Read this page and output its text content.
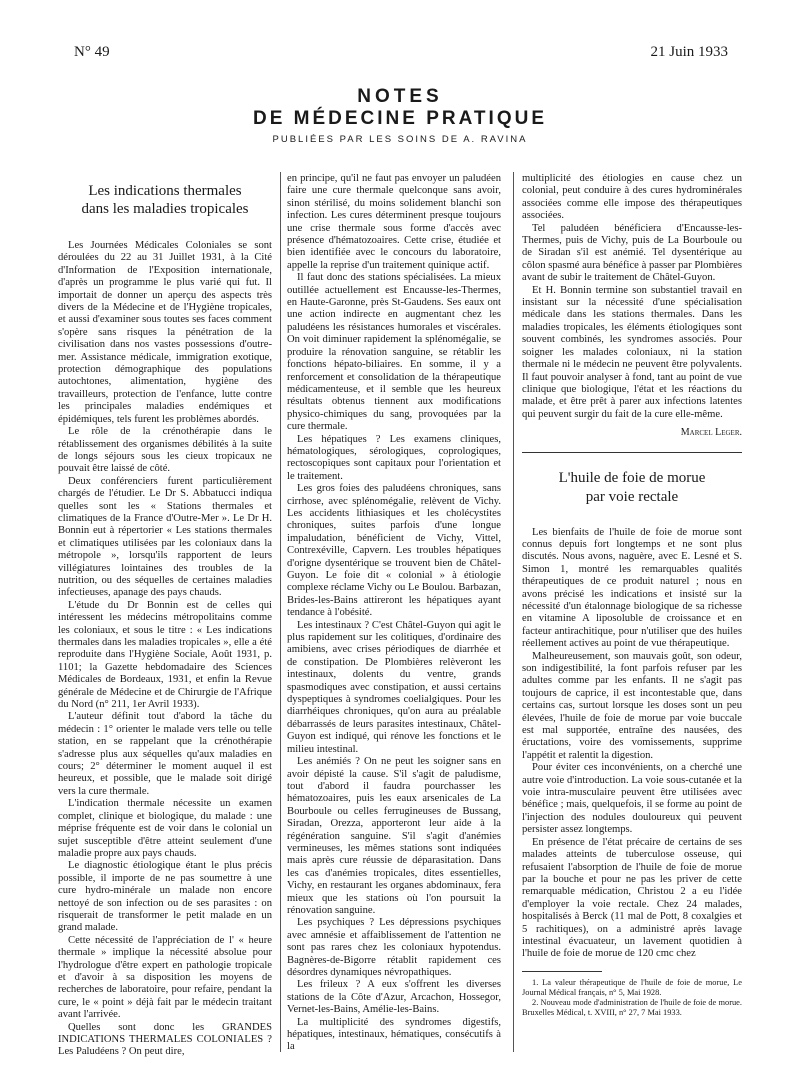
N° 49	21 Juin 1933
NOTES
DE MÉDECINE PRATIQUE
PUBLIÉES PAR LES SOINS DE A. RAVINA
Les indications thermales
dans les maladies tropicales

Les Journées Médicales Coloniales se sont déroulées du 22 au 31 Juillet 1931, à la Cité d'Information de l'Exposition internationale, d'après un programme le plus varié qui fut. Il importait de donner un aperçu des aspects très divers de la Médecine et de l'Hygiène tropicales, et aussi d'examiner sous toutes ses faces comment s'opère sans risques la pénétration de la civilisation dans nos vastes possessions d'outre-mer. Assistance médicale, immigration exotique, protection démographique des populations autochtones, alimentation, hygiène des travailleurs, protection de l'enfance, lutte contre les principales maladies endémiques et épidémiques, tels furent les problèmes abordés.

Le rôle de la crénothérapie dans le rétablissement des organismes débilités à la suite de longs séjours sous les cieux tropicaux ne pouvait être laissé de côté.

Deux conférenciers furent particulièrement chargés de l'étudier. Le Dr S. Abbatucci indiqua quelles sont les « Stations thermales et climatiques de la France d'Outre-Mer ». Le Dr H. Bonnin eut à répertorier « Les stations thermales et climatiques utilisées par les coloniaux dans la métropole », lorsqu'ils rapportent de leurs villégiatures lointaines des troubles de la nutrition, ou des séquelles de certaines maladies infectieuses, apanage des pays chauds.

L'étude du Dr Bonnin est de celles qui intéressent les médecins métropolitains comme les coloniaux, et sous le titre : « Les indications thermales dans les maladies tropicales », elle a été reproduite dans l'Hygiène Sociale, Août 1931, p. 1101; la Gazette hebdomadaire des Sciences Médicales de Bordeaux, 1931, et enfin la Revue générale de Médecine et de Chirurgie de l'Afrique du Nord (n° 211, 1er Avril 1933).

L'auteur définit tout d'abord la tâche du médecin : 1° orienter le malade vers telle ou telle station, en se rappelant que la crénothérapie s'adresse plus aux séquelles qu'aux maladies en cours; 2° déterminer le moment auquel il est heureux, et possible, que le malade soit dirigé vers la cure thermale.

L'indication thermale nécessite un examen complet, clinique et biologique, du malade : une méprise fréquente est de voir dans le colonial un sujet susceptible d'être atteint seulement d'une maladie propre aux pays chauds.

Le diagnostic étiologique étant le plus précis possible, il importe de ne pas soumettre à une cure hydro-minérale un malade non encore nettoyé de son infection ou de ses parasites : on risquerait de transformer le petit malade en un grand malade.

Cette nécessité de l'appréciation de l' « heure thermale » implique la nécessité absolue pour l'hydrologue d'être expert en pathologie tropicale et d'avoir à sa disposition les moyens de recherches de laboratoire, pour refaire, pendant la cure, le « point » déjà fait par le médecin traitant avant l'arrivée.

Quelles sont donc les GRANDES INDICATIONS THERMALES COLONIALES ? Les Paludéens ? On peut dire,

en principe, qu'il ne faut pas envoyer un paludéen faire une cure thermale quelconque sans avoir, sinon stérilisé, du moins solidement blanchi son infection. Les cures déterminent presque toujours une crise thermale sous forme d'accès avec présence d'hématozoaires. Cette crise, étudiée et bien identifiée avec le concours du laboratoire, appelle la reprise d'un traitement quinique actif.

Il faut donc des stations spécialisées. La mieux outillée actuellement est Encausse-les-Thermes, en Haute-Garonne, près St-Gaudens. Ses eaux ont une action indirecte en augmentant chez les paludéens les résistances humorales et viscérales. On voit diminuer rapidement la splénomégalie, se produire la rénovation sanguine, se rétablir les fonctions hépato-biliaires. En somme, il y a renforcement et consolidation de la thérapeutique médicamenteuse, et il semble que les heureux résultats obtenus tiennent aux modifications physico-chimiques du sang, provoquées par la cure thermale.

Les hépatiques ? Les examens cliniques, hématologiques, sérologiques, coprologiques, rectoscopiques sont capitaux pour l'orientation et le traitement.

Les gros foies des paludéens chroniques, sans cirrhose, avec splénomégalie, relèvent de Vichy. Les accidents lithiasiques et les cholécystites chroniques, suites parfois d'une longue impaludation, bénéficient de Vichy, Vittel, Contrexéville, Capvern. Les troubles hépatiques d'origne dysentérique se trouvent bien de Châtel-Guyon. Le foie dit « colonial » à étiologie complexe réclame Vichy ou Le Boulou. Barbazan, Brides-les-Bains attireront les hépatiques ayant tendance à l'obésité.

Les intestinaux ? C'est Châtel-Guyon qui agit le plus rapidement sur les colitiques, d'ordinaire des amibiens, avec crises périodiques de diarrhée et de constipation. De Plombières relèveront les intestinaux, dolents du ventre, grands spasmodiques avec constipation, et aussi certains dyspeptiques à syndromes coelialgiques. Pour les diarrhéiques chroniques, qu'on aura au préalable débarrassés de leurs parasites intestinaux, Châtel-Guyon est indiqué, qui rénove les fonctions et le milieu intestinal.

Les anémiés ? On ne peut les soigner sans en avoir dépisté la cause. S'il s'agit de paludisme, tout d'abord il faudra pourchasser les hématozoaires, puis les eaux arsenicales de La Bourboule ou celles ferrugineuses de Bussang, Siradan, Orezza, apporteront leur aide à la régénération sanguine. S'il s'agit d'anémies vermineuses, les mêmes stations sont indiquées mais après cure réussie de déparasitation. Dans les cas d'anémies tropicales, dites essentielles, Vichy, en restaurant les organes abdominaux, fera mieux que les stations où l'on poursuit la rénovation sanguine.

Les psychiques ? Les dépressions psychiques avec amnésie et affaiblissement de l'attention ne sont pas rares chez les coloniaux hypotendus. Bagnères-de-Bigorre rétablit rapidement ces désordres dynamiques névropathiques.

Les frileux ? A eux s'offrent les diverses stations de la Côte d'Azur, Arcachon, Hossegor, Vernet-les-Bains, Amélie-les-Bains.

La multiplicité des syndromes digestifs, hépatiques, intestinaux, hématiques, consécutifs à la

multiplicité des étiologies en cause chez un colonial, peut conduire à des cures hydrominérales associées comme elle impose des thérapeutiques associées.

Tel paludéen bénéficiera d'Encausse-les-Thermes, puis de Vichy, puis de La Bourboule ou de Siradan s'il est anémié. Tel dysentérique au côlon spasmé aura bénéfice à passer par Plombières avant de subir le traitement de Châtel-Guyon.

Et H. Bonnin termine son substantiel travail en insistant sur la nécessité d'une spécialisation médicale dans les stations thermales. Dans les maladies tropicales, les éléments étiologiques sont souvent combinés, les syndromes associés. Pour soigner les malades coloniaux, ni la station thermale ni le médecin ne peuvent être polyvalents. Il faut pouvoir analyser à fond, tant au point de vue clinique que biologique, l'état et les réactions du malade, et être prêt à parer aux infections latentes qui peuvent surgir du fait de la cure elle-même.

Marcel Leger.
L'huile de foie de morue
par voie rectale

Les bienfaits de l'huile de foie de morue sont connus depuis fort longtemps et ne sont plus discutés. Nous avons, naguère, avec E. Lesné et S. Simon 1, montré les remarquables qualités thérapeutiques de ce produit naturel ; nous en avons précisé les indications et insisté sur la nécessité d'un étalonnage biologique de sa richesse en vitamine A liposoluble de croissance et en facteur antirachitique, pour n'utiliser que des huiles réellement actives au point de vue thérapeutique.

Malheureusement, son mauvais goût, son odeur, son indigestibilité, la font parfois refuser par les adultes comme par les enfants. Il ne s'agit pas toujours de caprice, il est incontestable que, dans certains cas, surtout lorsque les doses sont un peu élevées, l'huile de foie de morue par voie buccale est mal supportée, entraîne des nausées, des éructations, voire des vomissements, supprime l'appétit et ralentit la digestion.

Pour éviter ces inconvénients, on a cherché une autre voie d'introduction. La voie sous-cutanée et la voie intra-musculaire peuvent être utilisées avec bénéfice ; mais, quelquefois, il se forme au point de l'injection des nodules douloureux qui peuvent persister assez longtemps.

En présence de l'état précaire de certains de ses malades atteints de tuberculose osseuse, qui refusaient l'absorption de l'huile de foie de morue par la bouche et pour ne pas les priver de cette remarquable médication, Christou 2 a eu l'idée d'employer la voie rectale. Chez 24 malades, hospitalisés à Berck (11 mal de Pott, 8 coxalgies et 5 rachitiques), on a administré après lavage intestinal évacuateur, un lavement quotidien à l'huile de foie de morue de 120 cmc chez

1. La valeur thérapeutique de l'huile de foie de morue, Le Journal Médical français, n° 5, Mai 1928.

2. Nouveau mode d'administration de l'huile de foie de morue. Bruxelles Médical, t. XVIII, n° 27, 7 Mai 1933.
